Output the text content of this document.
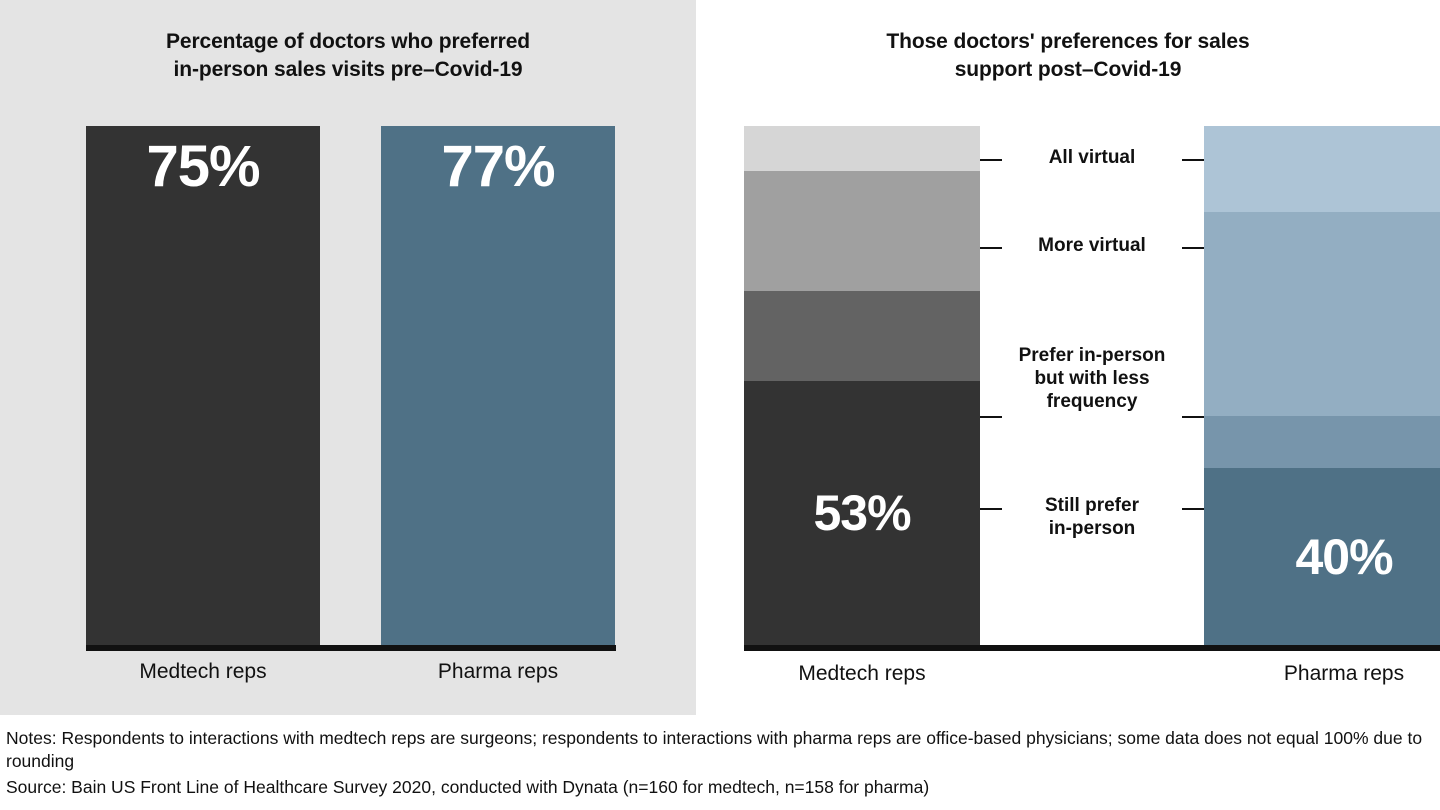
Percentage of doctors who preferred
in-person sales visits pre–Covid-19
75%	77%
Medtech reps	Pharma reps
Those doctors' preferences for sales
support post–Covid-19
53%
40%
All virtual
More virtual
Prefer in-person
but with less
frequency
Still prefer
in-person
Medtech reps	Pharma reps
Notes: Respondents to interactions with medtech reps are surgeons; respondents to interactions with pharma reps are office-based physicians; some data does not equal 100% due to rounding
Source: Bain US Front Line of Healthcare Survey 2020, conducted with Dynata (n=160 for medtech, n=158 for pharma)
